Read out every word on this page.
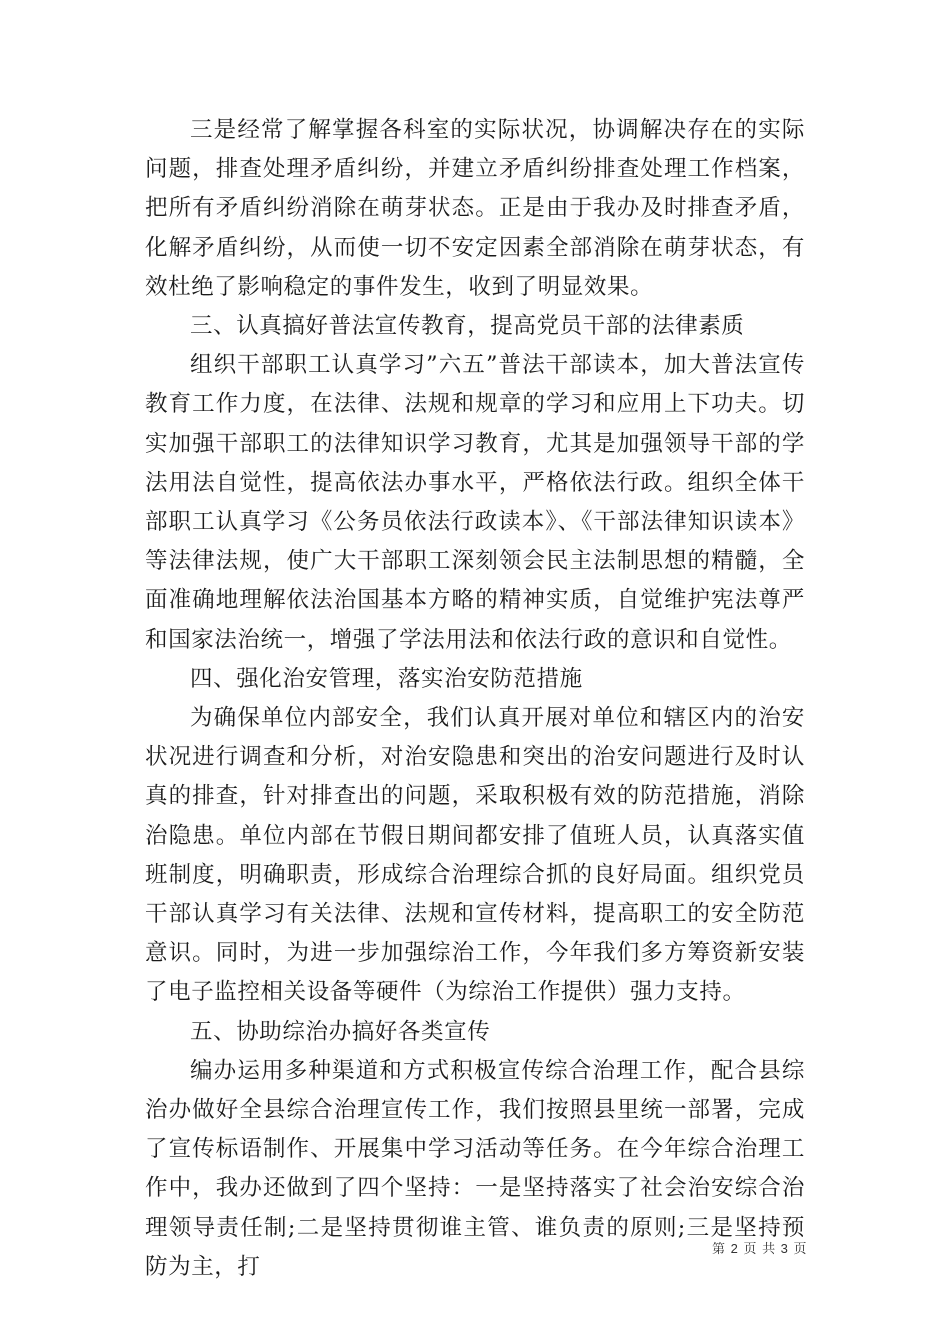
三是经常了解掌握各科室的实际状况，协调解决存在的实际问题，排查处理矛盾纠纷，并建立矛盾纠纷排查处理工作档案，把所有矛盾纠纷消除在萌芽状态。正是由于我办及时排查矛盾，化解矛盾纠纷，从而使一切不安定因素全部消除在萌芽状态，有效杜绝了影响稳定的事件发生，收到了明显效果。

三、认真搞好普法宣传教育，提高党员干部的法律素质

组织干部职工认真学习”六五”普法干部读本，加大普法宣传教育工作力度，在法律、法规和规章的学习和应用上下功夫。切实加强干部职工的法律知识学习教育，尤其是加强领导干部的学法用法自觉性，提高依法办事水平，严格依法行政。组织全体干部职工认真学习《公务员依法行政读本》、《干部法律知识读本》等法律法规，使广大干部职工深刻领会民主法制思想的精髓，全面准确地理解依法治国基本方略的精神实质，自觉维护宪法尊严和国家法治统一，增强了学法用法和依法行政的意识和自觉性。

四、强化治安管理，落实治安防范措施

为确保单位内部安全，我们认真开展对单位和辖区内的治安状况进行调查和分析，对治安隐患和突出的治安问题进行及时认真的排查，针对排查出的问题，采取积极有效的防范措施，消除治隐患。单位内部在节假日期间都安排了值班人员，认真落实值班制度，明确职责，形成综合治理综合抓的良好局面。组织党员干部认真学习有关法律、法规和宣传材料，提高职工的安全防范意识。同时，为进一步加强综治工作，今年我们多方筹资新安装了电子监控相关设备等硬件（为综治工作提供）强力支持。

五、协助综治办搞好各类宣传

编办运用多种渠道和方式积极宣传综合治理工作，配合县综治办做好全县综合治理宣传工作，我们按照县里统一部署，完成了宣传标语制作、开展集中学习活动等任务。在今年综合治理工作中，我办还做到了四个坚持：一是坚持落实了社会治安综合治理领导责任制;二是坚持贯彻谁主管、谁负责的原则;三是坚持预防为主，打

第 2 页 共 3 页
